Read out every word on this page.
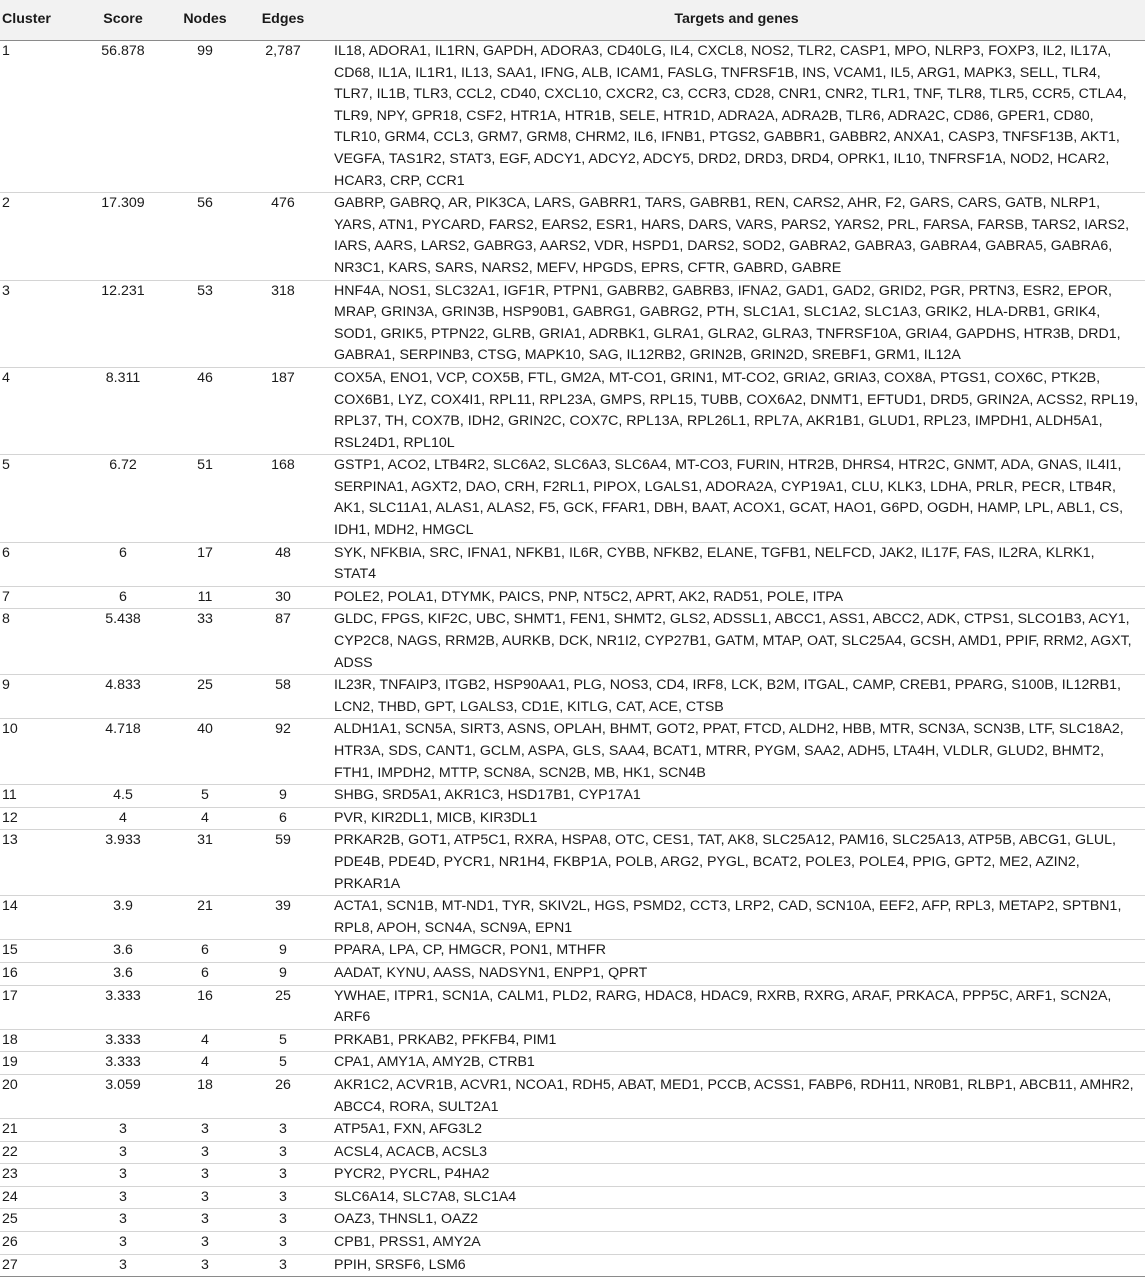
Cluster	Score	Nodes	Edges	Targets and genes
1	56.878	99	2,787	IL18, ADORA1, IL1RN, GAPDH, ADORA3, CD40LG, IL4, CXCL8, NOS2, TLR2, CASP1, MPO, NLRP3, FOXP3, IL2, IL17A, CD68, IL1A, IL1R1, IL13, SAA1, IFNG, ALB, ICAM1, FASLG, TNFRSF1B, INS, VCAM1, IL5, ARG1, MAPK3, SELL, TLR4, TLR7, IL1B, TLR3, CCL2, CD40, CXCL10, CXCR2, C3, CCR3, CD28, CNR1, CNR2, TLR1, TNF, TLR8, TLR5, CCR5, CTLA4, TLR9, NPY, GPR18, CSF2, HTR1A, HTR1B, SELE, HTR1D, ADRA2A, ADRA2B, TLR6, ADRA2C, CD86, GPER1, CD80, TLR10, GRM4, CCL3, GRM7, GRM8, CHRM2, IL6, IFNB1, PTGS2, GABBR1, GABBR2, ANXA1, CASP3, TNFSF13B, AKT1, VEGFA, TAS1R2, STAT3, EGF, ADCY1, ADCY2, ADCY5, DRD2, DRD3, DRD4, OPRK1, IL10, TNFRSF1A, NOD2, HCAR2, HCAR3, CRP, CCR1
2	17.309	56	476	GABRP, GABRQ, AR, PIK3CA, LARS, GABRR1, TARS, GABRB1, REN, CARS2, AHR, F2, GARS, CARS, GATB, NLRP1, YARS, ATN1, PYCARD, FARS2, EARS2, ESR1, HARS, DARS, VARS, PARS2, YARS2, PRL, FARSA, FARSB, TARS2, IARS2, IARS, AARS, LARS2, GABRG3, AARS2, VDR, HSPD1, DARS2, SOD2, GABRA2, GABRA3, GABRA4, GABRA5, GABRA6, NR3C1, KARS, SARS, NARS2, MEFV, HPGDS, EPRS, CFTR, GABRD, GABRE
3	12.231	53	318	HNF4A, NOS1, SLC32A1, IGF1R, PTPN1, GABRB2, GABRB3, IFNA2, GAD1, GAD2, GRID2, PGR, PRTN3, ESR2, EPOR, MRAP, GRIN3A, GRIN3B, HSP90B1, GABRG1, GABRG2, PTH, SLC1A1, SLC1A2, SLC1A3, GRIK2, HLA-DRB1, GRIK4, SOD1, GRIK5, PTPN22, GLRB, GRIA1, ADRBK1, GLRA1, GLRA2, GLRA3, TNFRSF10A, GRIA4, GAPDHS, HTR3B, DRD1, GABRA1, SERPINB3, CTSG, MAPK10, SAG, IL12RB2, GRIN2B, GRIN2D, SREBF1, GRM1, IL12A
4	8.311	46	187	COX5A, ENO1, VCP, COX5B, FTL, GM2A, MT-CO1, GRIN1, MT-CO2, GRIA2, GRIA3, COX8A, PTGS1, COX6C, PTK2B, COX6B1, LYZ, COX4I1, RPL11, RPL23A, GMPS, RPL15, TUBB, COX6A2, DNMT1, EFTUD1, DRD5, GRIN2A, ACSS2, RPL19, RPL37, TH, COX7B, IDH2, GRIN2C, COX7C, RPL13A, RPL26L1, RPL7A, AKR1B1, GLUD1, RPL23, IMPDH1, ALDH5A1, RSL24D1, RPL10L
5	6.72	51	168	GSTP1, ACO2, LTB4R2, SLC6A2, SLC6A3, SLC6A4, MT-CO3, FURIN, HTR2B, DHRS4, HTR2C, GNMT, ADA, GNAS, IL4I1, SERPINA1, AGXT2, DAO, CRH, F2RL1, PIPOX, LGALS1, ADORA2A, CYP19A1, CLU, KLK3, LDHA, PRLR, PECR, LTB4R, AK1, SLC11A1, ALAS1, ALAS2, F5, GCK, FFAR1, DBH, BAAT, ACOX1, GCAT, HAO1, G6PD, OGDH, HAMP, LPL, ABL1, CS, IDH1, MDH2, HMGCL
6	6	17	48	SYK, NFKBIA, SRC, IFNA1, NFKB1, IL6R, CYBB, NFKB2, ELANE, TGFB1, NELFCD, JAK2, IL17F, FAS, IL2RA, KLRK1, STAT4
7	6	11	30	POLE2, POLA1, DTYMK, PAICS, PNP, NT5C2, APRT, AK2, RAD51, POLE, ITPA
8	5.438	33	87	GLDC, FPGS, KIF2C, UBC, SHMT1, FEN1, SHMT2, GLS2, ADSSL1, ABCC1, ASS1, ABCC2, ADK, CTPS1, SLCO1B3, ACY1, CYP2C8, NAGS, RRM2B, AURKB, DCK, NR1I2, CYP27B1, GATM, MTAP, OAT, SLC25A4, GCSH, AMD1, PPIF, RRM2, AGXT, ADSS
9	4.833	25	58	IL23R, TNFAIP3, ITGB2, HSP90AA1, PLG, NOS3, CD4, IRF8, LCK, B2M, ITGAL, CAMP, CREB1, PPARG, S100B, IL12RB1, LCN2, THBD, GPT, LGALS3, CD1E, KITLG, CAT, ACE, CTSB
10	4.718	40	92	ALDH1A1, SCN5A, SIRT3, ASNS, OPLAH, BHMT, GOT2, PPAT, FTCD, ALDH2, HBB, MTR, SCN3A, SCN3B, LTF, SLC18A2, HTR3A, SDS, CANT1, GCLM, ASPA, GLS, SAA4, BCAT1, MTRR, PYGM, SAA2, ADH5, LTA4H, VLDLR, GLUD2, BHMT2, FTH1, IMPDH2, MTTP, SCN8A, SCN2B, MB, HK1, SCN4B
11	4.5	5	9	SHBG, SRD5A1, AKR1C3, HSD17B1, CYP17A1
12	4	4	6	PVR, KIR2DL1, MICB, KIR3DL1
13	3.933	31	59	PRKAR2B, GOT1, ATP5C1, RXRA, HSPA8, OTC, CES1, TAT, AK8, SLC25A12, PAM16, SLC25A13, ATP5B, ABCG1, GLUL, PDE4B, PDE4D, PYCR1, NR1H4, FKBP1A, POLB, ARG2, PYGL, BCAT2, POLE3, POLE4, PPIG, GPT2, ME2, AZIN2, PRKAR1A
14	3.9	21	39	ACTA1, SCN1B, MT-ND1, TYR, SKIV2L, HGS, PSMD2, CCT3, LRP2, CAD, SCN10A, EEF2, AFP, RPL3, METAP2, SPTBN1, RPL8, APOH, SCN4A, SCN9A, EPN1
15	3.6	6	9	PPARA, LPA, CP, HMGCR, PON1, MTHFR
16	3.6	6	9	AADAT, KYNU, AASS, NADSYN1, ENPP1, QPRT
17	3.333	16	25	YWHAE, ITPR1, SCN1A, CALM1, PLD2, RARG, HDAC8, HDAC9, RXRB, RXRG, ARAF, PRKACA, PPP5C, ARF1, SCN2A, ARF6
18	3.333	4	5	PRKAB1, PRKAB2, PFKFB4, PIM1
19	3.333	4	5	CPA1, AMY1A, AMY2B, CTRB1
20	3.059	18	26	AKR1C2, ACVR1B, ACVR1, NCOA1, RDH5, ABAT, MED1, PCCB, ACSS1, FABP6, RDH11, NR0B1, RLBP1, ABCB11, AMHR2, ABCC4, RORA, SULT2A1
21	3	3	3	ATP5A1, FXN, AFG3L2
22	3	3	3	ACSL4, ACACB, ACSL3
23	3	3	3	PYCR2, PYCRL, P4HA2
24	3	3	3	SLC6A14, SLC7A8, SLC1A4
25	3	3	3	OAZ3, THNSL1, OAZ2
26	3	3	3	CPB1, PRSS1, AMY2A
27	3	3	3	PPIH, SRSF6, LSM6
